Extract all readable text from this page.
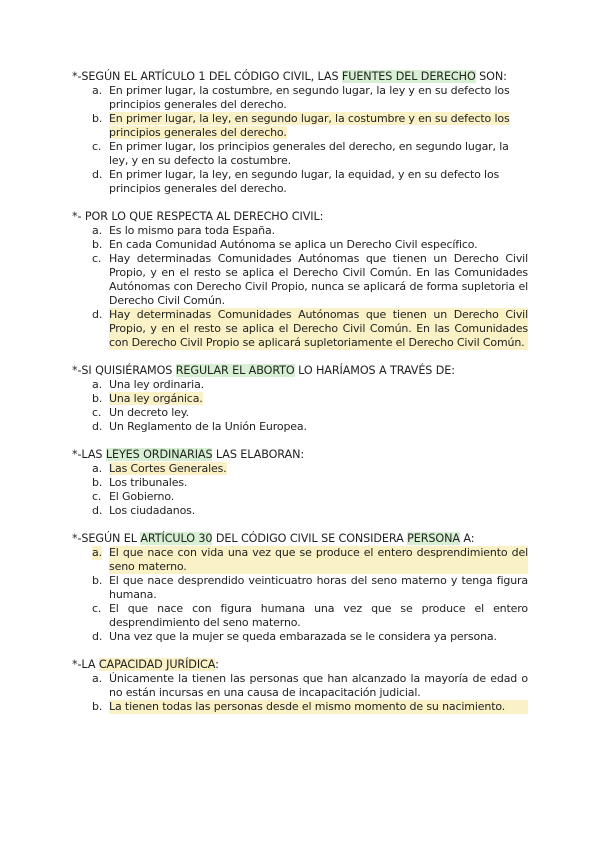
*-SEGÚN EL ARTÍCULO 1 DEL CÓDIGO CIVIL, LAS FUENTES DEL DERECHO SON:
a. En primer lugar, la costumbre, en segundo lugar, la ley y en su defecto los principios generales del derecho.
b. En primer lugar, la ley, en segundo lugar, la costumbre y en su defecto los principios generales del derecho.
c. En primer lugar, los principios generales del derecho, en segundo lugar, la ley, y en su defecto la costumbre.
d. En primer lugar, la ley, en segundo lugar, la equidad, y en su defecto los principios generales del derecho.
*- POR LO QUE RESPECTA AL DERECHO CIVIL:
a. Es lo mismo para toda España.
b. En cada Comunidad Autónoma se aplica un Derecho Civil específico.
c. Hay determinadas Comunidades Autónomas que tienen un Derecho Civil Propio, y en el resto se aplica el Derecho Civil Común. En las Comunidades Autónomas con Derecho Civil Propio, nunca se aplicará de forma supletoria el Derecho Civil Común.
d. Hay determinadas Comunidades Autónomas que tienen un Derecho Civil Propio, y en el resto se aplica el Derecho Civil Común. En las Comunidades con Derecho Civil Propio se aplicará supletoriamente el Derecho Civil Común.
*-SI QUISIÉRAMOS REGULAR EL ABORTO LO HARÍAMOS A TRAVÉS DE:
a. Una ley ordinaria.
b. Una ley orgánica.
c. Un decreto ley.
d. Un Reglamento de la Unión Europea.
*-LAS LEYES ORDINARIAS LAS ELABORAN:
a. Las Cortes Generales.
b. Los tribunales.
c. El Gobierno.
d. Los ciudadanos.
*-SEGÚN EL ARTÍCULO 30 DEL CÓDIGO CIVIL SE CONSIDERA PERSONA A:
a. El que nace con vida una vez que se produce el entero desprendimiento del seno materno.
b. El que nace desprendido veinticuatro horas del seno materno y tenga figura humana.
c. El que nace con figura humana una vez que se produce el entero desprendimiento del seno materno.
d. Una vez que la mujer se queda embarazada se le considera ya persona.
*-LA CAPACIDAD JURÍDICA:
a. Únicamente la tienen las personas que han alcanzado la mayoría de edad o no están incursas en una causa de incapacitación judicial.
b. La tienen todas las personas desde el mismo momento de su nacimiento.
